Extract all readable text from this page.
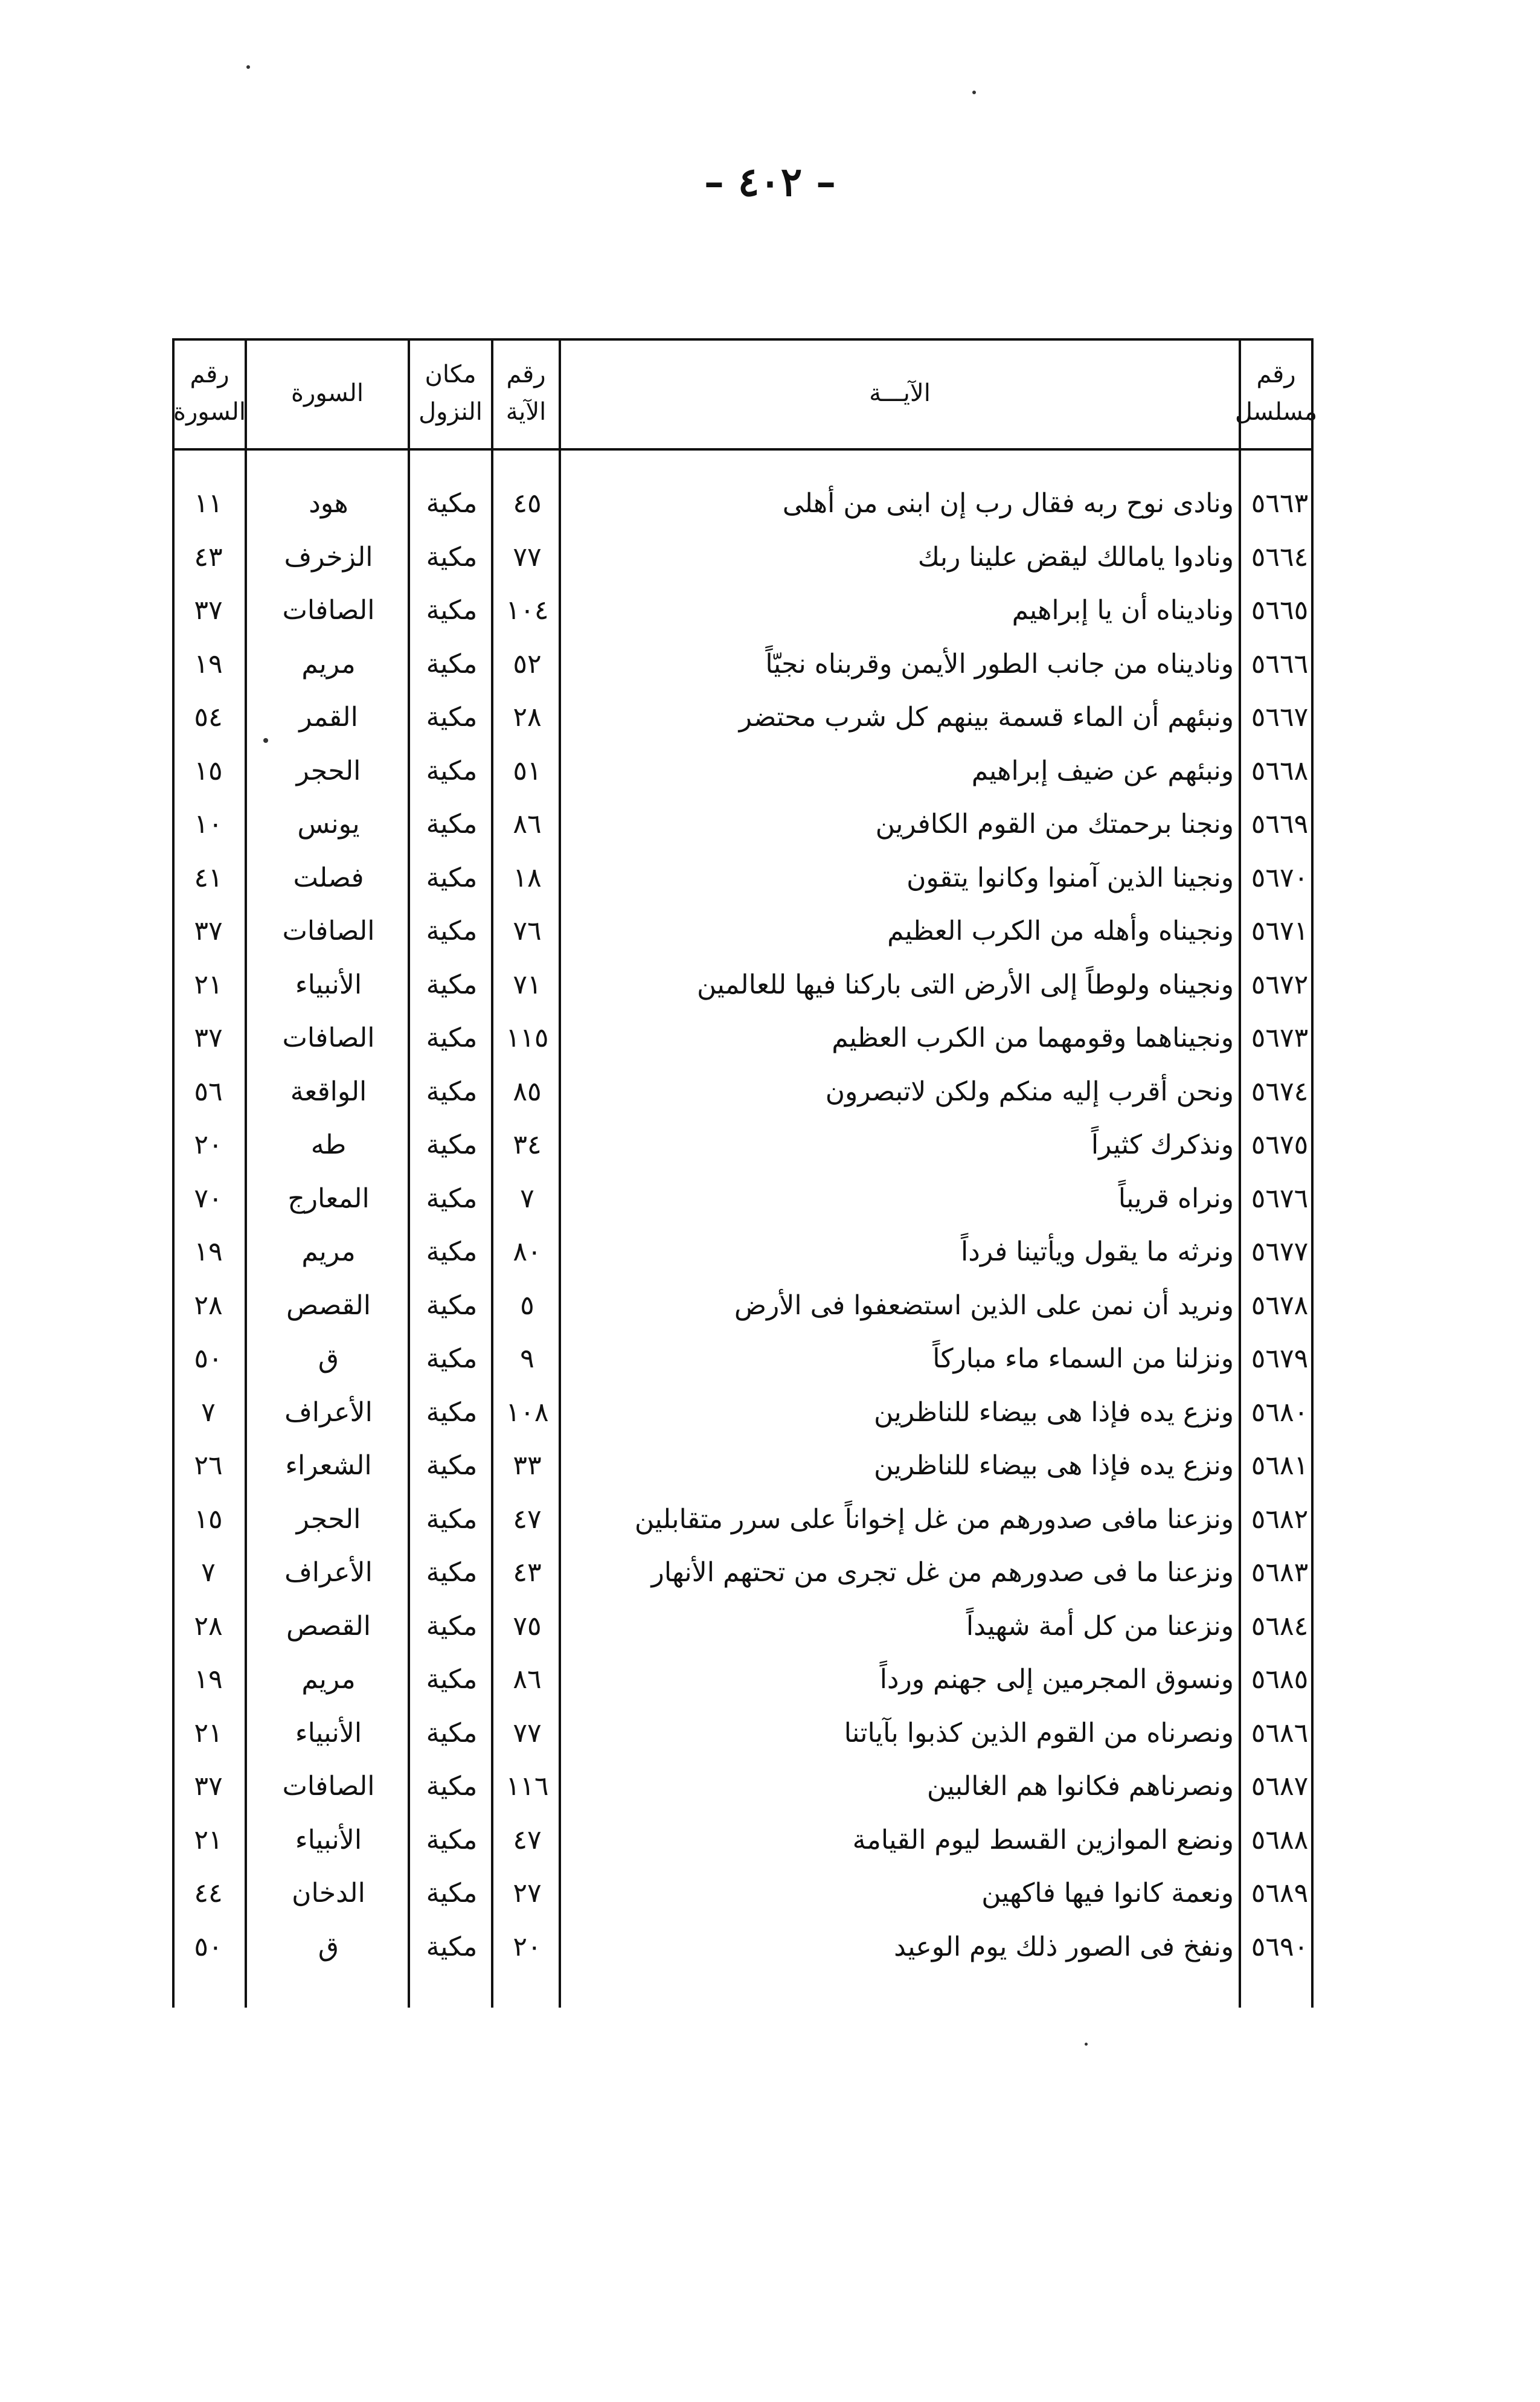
– ٤٠٢ –
رقم
مسلسل
الآيـــة
رقم
الآية
مكان
النزول
السورة
رقم
السورة
٥٦٦٣
ونادى نوح ربه فقال رب إن ابنى من أهلى
٤٥
مكية
هود
١١
٥٦٦٤
ونادوا يامالك ليقض علينا ربك
٧٧
مكية
الزخرف
٤٣
٥٦٦٥
وناديناه أن يا إبراهيم
١٠٤
مكية
الصافات
٣٧
٥٦٦٦
وناديناه من جانب الطور الأيمن وقربناه نجيّاً
٥٢
مكية
مريم
١٩
٥٦٦٧
ونبئهم أن الماء قسمة بينهم كل شرب محتضر
٢٨
مكية
القمر
٥٤
٥٦٦٨
ونبئهم عن ضيف إبراهيم
٥١
مكية
الحجر
١٥
٥٦٦٩
ونجنا برحمتك من القوم الكافرين
٨٦
مكية
يونس
١٠
٥٦٧٠
ونجينا الذين آمنوا وكانوا يتقون
١٨
مكية
فصلت
٤١
٥٦٧١
ونجيناه وأهله من الكرب العظيم
٧٦
مكية
الصافات
٣٧
٥٦٧٢
ونجيناه ولوطاً إلى الأرض التى باركنا فيها للعالمين
٧١
مكية
الأنبياء
٢١
٥٦٧٣
ونجيناهما وقومهما من الكرب العظيم
١١٥
مكية
الصافات
٣٧
٥٦٧٤
ونحن أقرب إليه منكم ولكن لاتبصرون
٨٥
مكية
الواقعة
٥٦
٥٦٧٥
ونذكرك كثيراً
٣٤
مكية
طه
٢٠
٥٦٧٦
ونراه قريباً
٧
مكية
المعارج
٧٠
٥٦٧٧
ونرثه ما يقول ويأتينا فرداً
٨٠
مكية
مريم
١٩
٥٦٧٨
ونريد أن نمن على الذين استضعفوا فى الأرض
٥
مكية
القصص
٢٨
٥٦٧٩
ونزلنا من السماء ماء مباركاً
٩
مكية
ق
٥٠
٥٦٨٠
ونزع يده فإذا هى بيضاء للناظرين
١٠٨
مكية
الأعراف
٧
٥٦٨١
ونزع يده فإذا هى بيضاء للناظرين
٣٣
مكية
الشعراء
٢٦
٥٦٨٢
ونزعنا مافى صدورهم من غل إخواناً على سرر متقابلين
٤٧
مكية
الحجر
١٥
٥٦٨٣
ونزعنا ما فى صدورهم من غل تجرى من تحتهم الأنهار
٤٣
مكية
الأعراف
٧
٥٦٨٤
ونزعنا من كل أمة شهيداً
٧٥
مكية
القصص
٢٨
٥٦٨٥
ونسوق المجرمين إلى جهنم ورداً
٨٦
مكية
مريم
١٩
٥٦٨٦
ونصرناه من القوم الذين كذبوا بآياتنا
٧٧
مكية
الأنبياء
٢١
٥٦٨٧
ونصرناهم فكانوا هم الغالبين
١١٦
مكية
الصافات
٣٧
٥٦٨٨
ونضع الموازين القسط ليوم القيامة
٤٧
مكية
الأنبياء
٢١
٥٦٨٩
ونعمة كانوا فيها فاكهين
٢٧
مكية
الدخان
٤٤
٥٦٩٠
ونفخ فى الصور ذلك يوم الوعيد
٢٠
مكية
ق
٥٠
